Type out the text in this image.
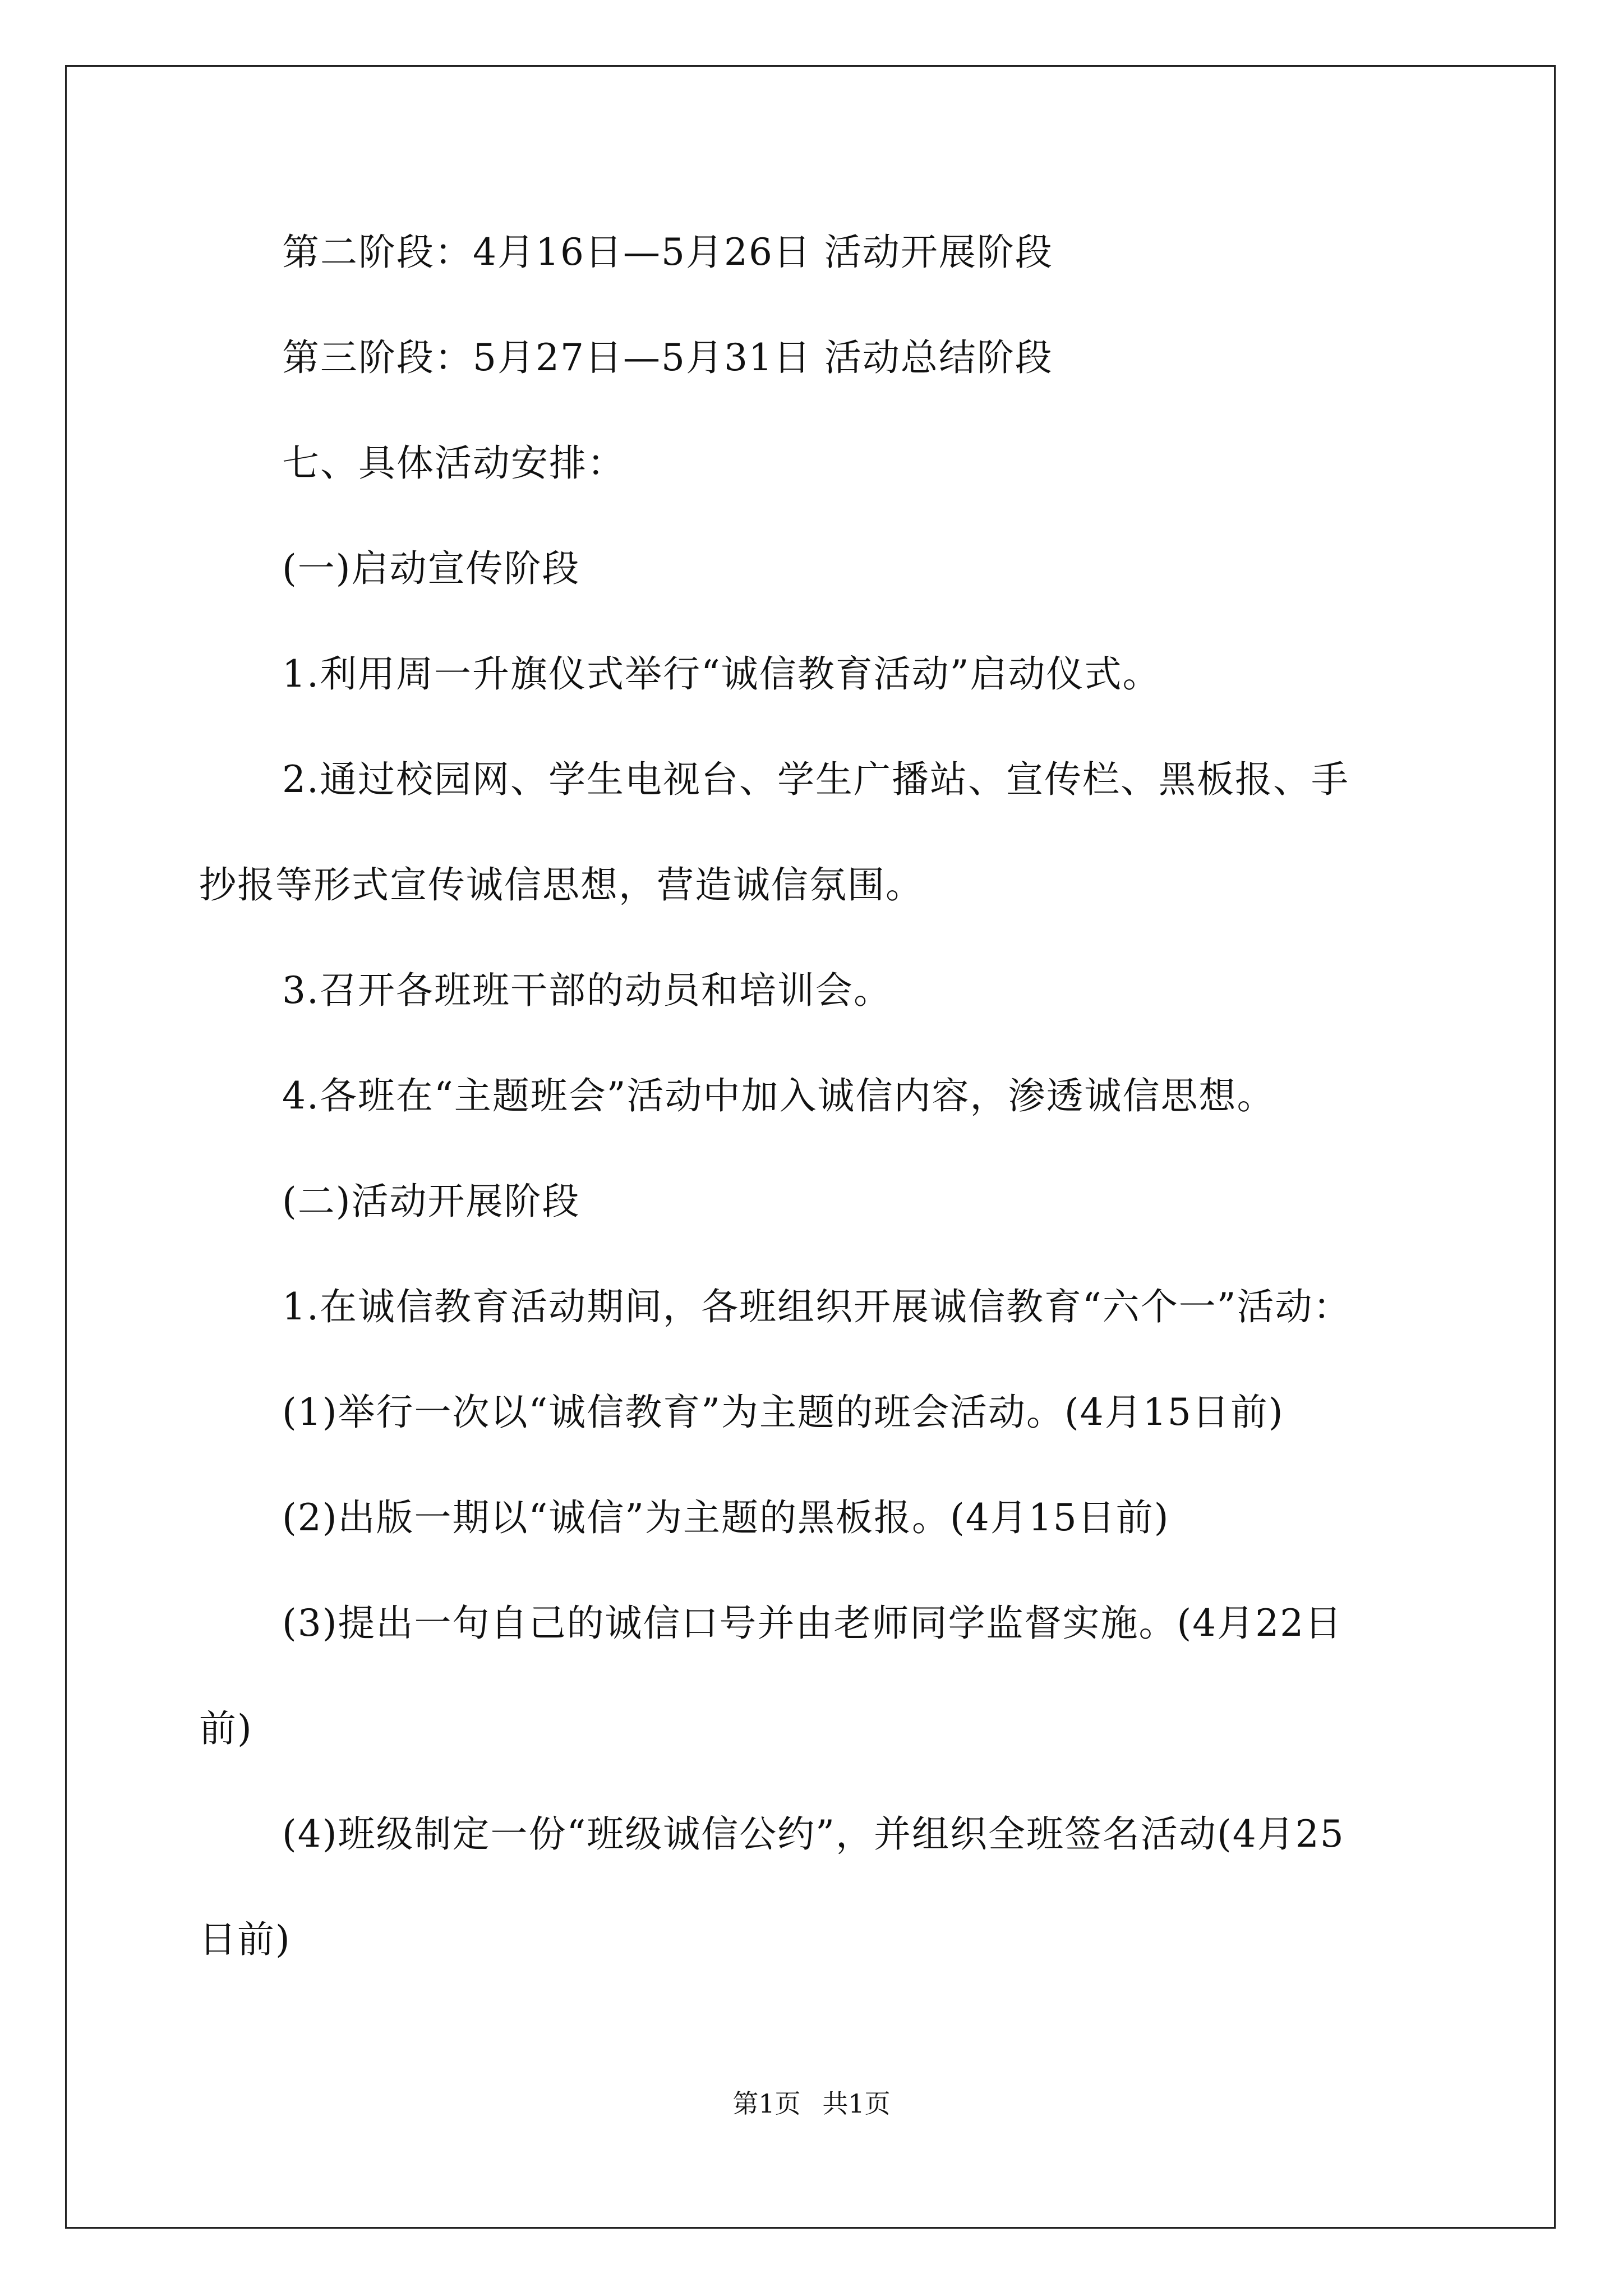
第二阶段：4月16日—5月26日 活动开展阶段
第三阶段：5月27日—5月31日 活动总结阶段
七、具体活动安排：
(一)启动宣传阶段
1.利用周一升旗仪式举行“诚信教育活动”启动仪式。
2.通过校园网、学生电视台、学生广播站、宣传栏、黑板报、手
抄报等形式宣传诚信思想，营造诚信氛围。
3.召开各班班干部的动员和培训会。
4.各班在“主题班会”活动中加入诚信内容，渗透诚信思想。
(二)活动开展阶段
1.在诚信教育活动期间，各班组织开展诚信教育“六个一”活动：
(1)举行一次以“诚信教育”为主题的班会活动。(4月15日前)
(2)出版一期以“诚信”为主题的黑板报。(4月15日前)
(3)提出一句自己的诚信口号并由老师同学监督实施。(4月22日
前)
(4)班级制定一份“班级诚信公约”，并组织全班签名活动(4月25
日前)
第1页 共1页
